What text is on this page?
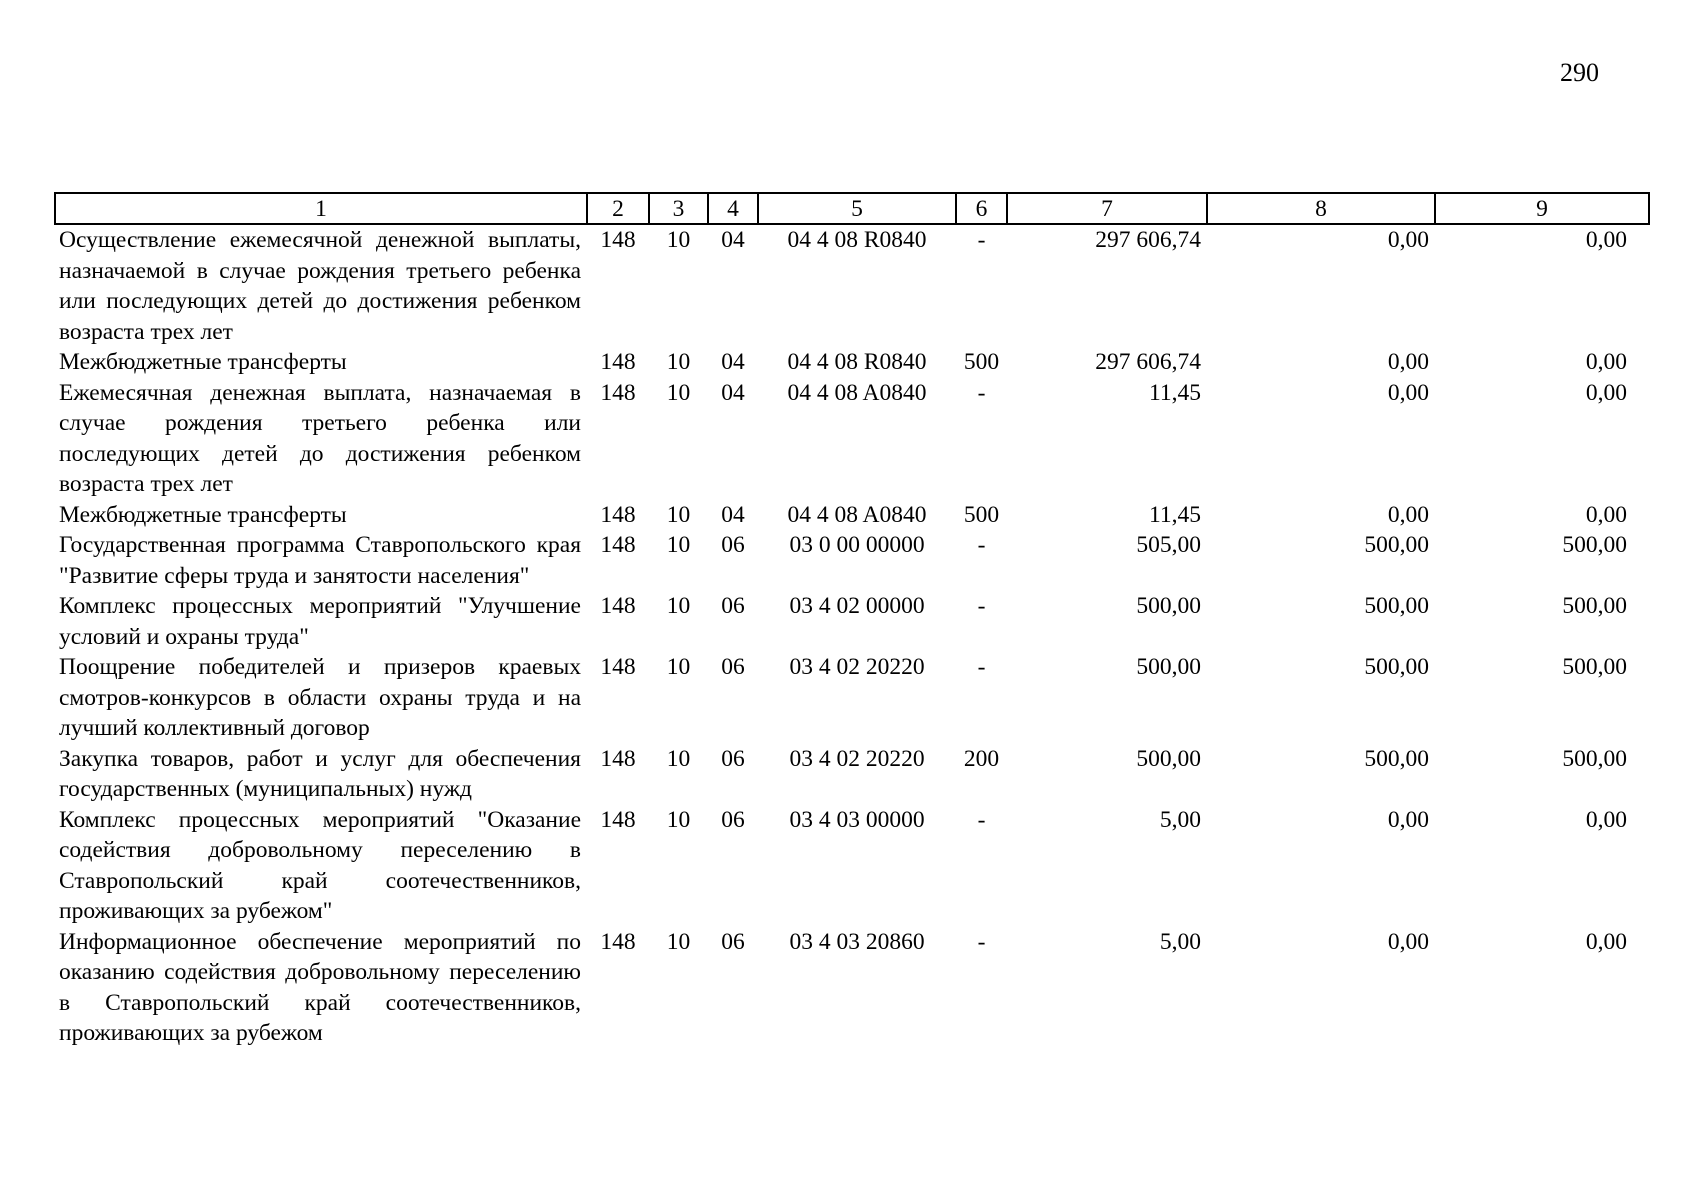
290
1	2	3	4	5	6	7	8	9
Осуществление ежемесячной денежной выплаты, назначаемой в случае рождения третьего ребенка или последующих детей до достижения ребенком возраста трех лет	148	10	04	04 4 08 R0840	-	297 606,74	0,00	0,00
Межбюджетные трансферты	148	10	04	04 4 08 R0840	500	297 606,74	0,00	0,00
Ежемесячная денежная выплата, назначаемая в случае рождения третьего ребенка или последующих детей до достижения ребенком возраста трех лет	148	10	04	04 4 08 A0840	-	11,45	0,00	0,00
Межбюджетные трансферты	148	10	04	04 4 08 A0840	500	11,45	0,00	0,00
Государственная программа Ставропольского края "Развитие сферы труда и занятости населения"	148	10	06	03 0 00 00000	-	505,00	500,00	500,00
Комплекс процессных мероприятий "Улучшение условий и охраны труда"	148	10	06	03 4 02 00000	-	500,00	500,00	500,00
Поощрение победителей и призеров краевых смотров-конкурсов в области охраны труда и на лучший коллективный договор	148	10	06	03 4 02 20220	-	500,00	500,00	500,00
Закупка товаров, работ и услуг для обеспечения государственных (муниципальных) нужд	148	10	06	03 4 02 20220	200	500,00	500,00	500,00
Комплекс процессных мероприятий "Оказание содействия добровольному переселению в Ставропольский край соотечественников, проживающих за рубежом"	148	10	06	03 4 03 00000	-	5,00	0,00	0,00
Информационное обеспечение мероприятий по оказанию содействия добровольному переселению в Ставропольский край соотечественников, проживающих за рубежом	148	10	06	03 4 03 20860	-	5,00	0,00	0,00
